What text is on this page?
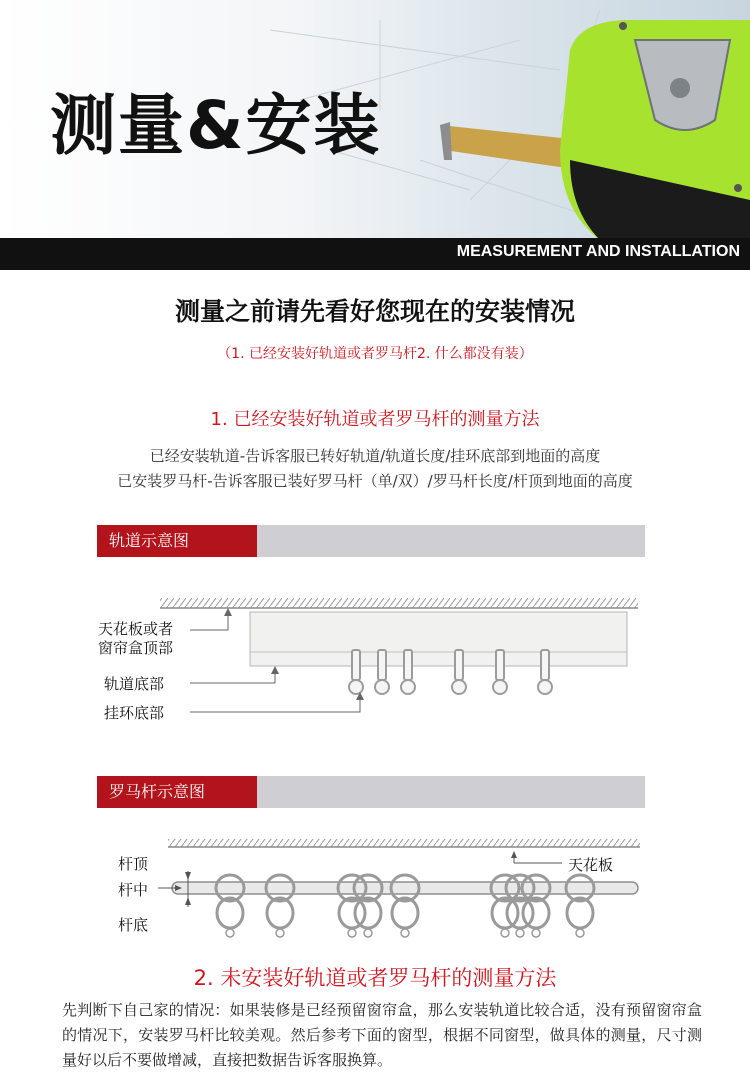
测量&安装
MEASUREMENT AND INSTALLATION
测量之前请先看好您现在的安装情况
（1. 已经安装好轨道或者罗马杆2. 什么都没有装）
1. 已经安装好轨道或者罗马杆的测量方法
已经安装轨道-告诉客服已转好轨道/轨道长度/挂环底部到地面的高度
已安装罗马杆-告诉客服已装好罗马杆（单/双）/罗马杆长度/杆顶到地面的高度
轨道示意图
天花板或者
窗帘盒顶部
轨道底部
挂环底部
罗马杆示意图
杆顶
杆中
杆底
天花板
2. 未安装好轨道或者罗马杆的测量方法
先判断下自己家的情况：如果装修是已经预留窗帘盒，那么安装轨道比较合适，没有预留窗帘盒的情况下，安装罗马杆比较美观。然后参考下面的窗型，根据不同窗型，做具体的测量，尺寸测量好以后不要做增减，直接把数据告诉客服换算。
